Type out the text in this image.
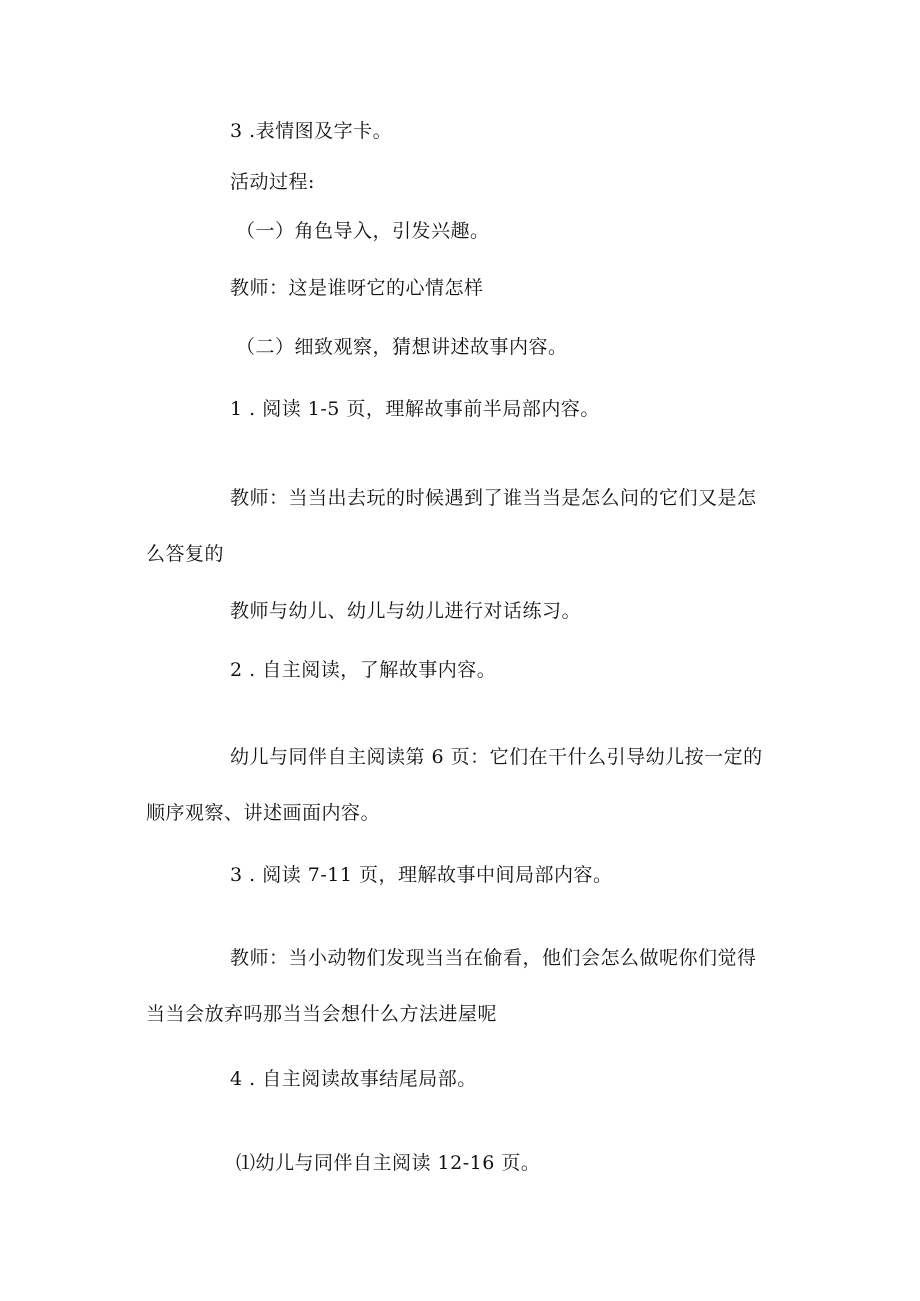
3 .表情图及字卡。
活动过程:
（一）角色导入，引发兴趣。
教师：这是谁呀它的心情怎样
（二）细致观察，猜想讲述故事内容。
1 . 阅读 1-5 页，理解故事前半局部内容。
教师：当当出去玩的时候遇到了谁当当是怎么问的它们又是怎
么答复的
教师与幼儿、幼儿与幼儿进行对话练习。
2 . 自主阅读，了解故事内容。
幼儿与同伴自主阅读第 6 页：它们在干什么引导幼儿按一定的
顺序观察、讲述画面内容。
3 . 阅读 7-11 页，理解故事中间局部内容。
教师：当小动物们发现当当在偷看，他们会怎么做呢你们觉得
当当会放弃吗那当当会想什么方法进屋呢
4 . 自主阅读故事结尾局部。
⑴幼儿与同伴自主阅读 12-16 页。
